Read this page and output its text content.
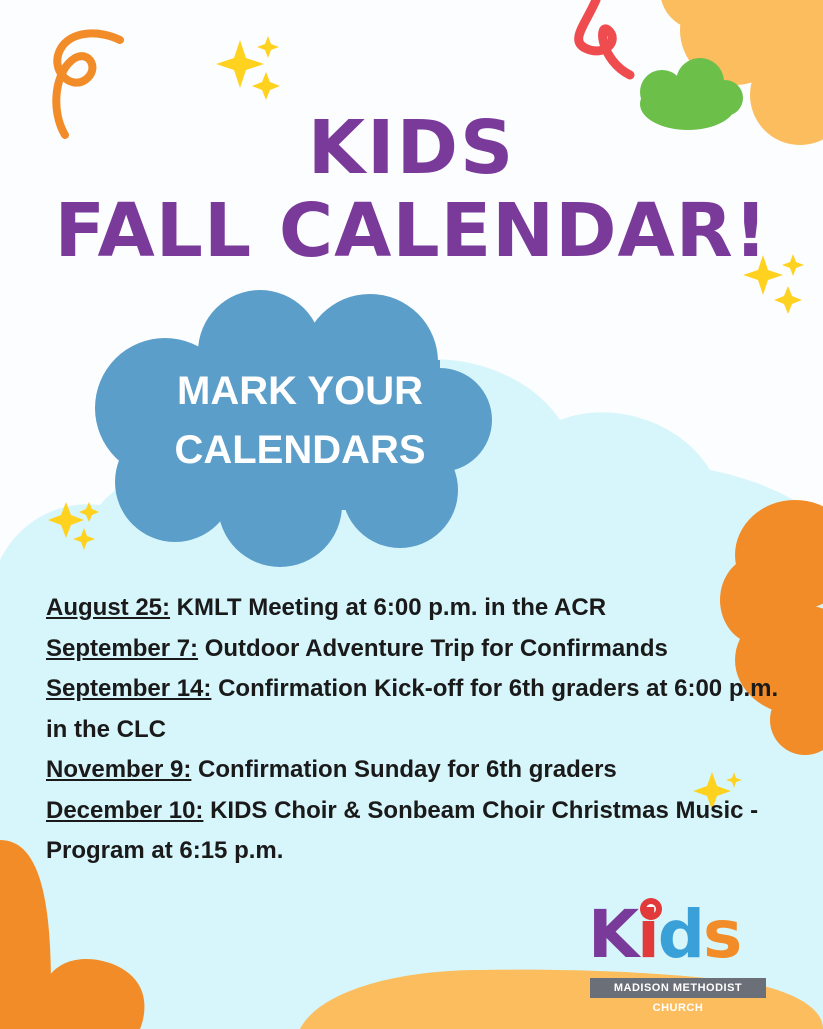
KIDS
FALL CALENDAR!
MARK YOUR
CALENDARS
August 25: KMLT Meeting at 6:00 p.m. in the ACR
September 7: Outdoor Adventure Trip for Confirmands
September 14: Confirmation Kick-off for 6th graders at 6:00 p.m. in the CLC
November 9: Confirmation Sunday for 6th graders
December 10: KIDS Choir & Sonbeam Choir Christmas Music - Program at 6:15 p.m.
Kids
MADISON METHODIST CHURCH
